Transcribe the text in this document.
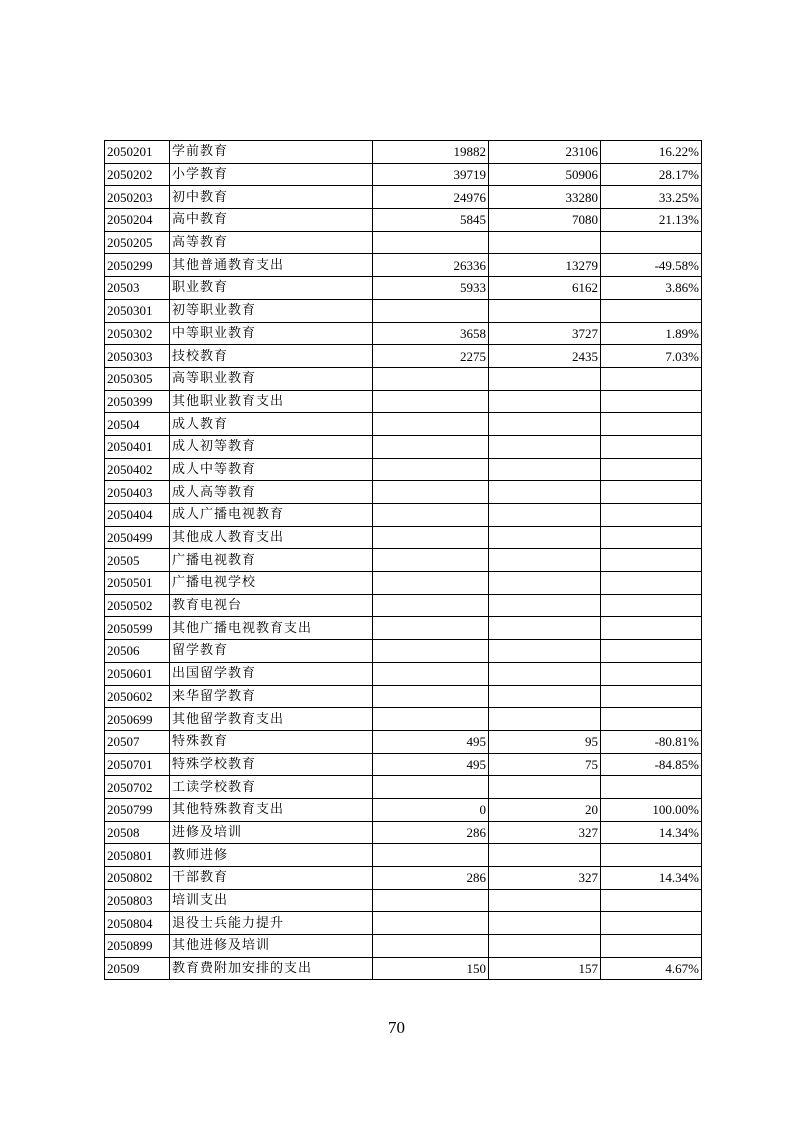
2050201	学前教育	19882	23106	16.22%
2050202	小学教育	39719	50906	28.17%
2050203	初中教育	24976	33280	33.25%
2050204	高中教育	5845	7080	21.13%
2050205	高等教育			
2050299	其他普通教育支出	26336	13279	-49.58%
20503	职业教育	5933	6162	3.86%
2050301	初等职业教育			
2050302	中等职业教育	3658	3727	1.89%
2050303	技校教育	2275	2435	7.03%
2050305	高等职业教育			
2050399	其他职业教育支出			
20504	成人教育			
2050401	成人初等教育			
2050402	成人中等教育			
2050403	成人高等教育			
2050404	成人广播电视教育			
2050499	其他成人教育支出			
20505	广播电视教育			
2050501	广播电视学校			
2050502	教育电视台			
2050599	其他广播电视教育支出			
20506	留学教育			
2050601	出国留学教育			
2050602	来华留学教育			
2050699	其他留学教育支出			
20507	特殊教育	495	95	-80.81%
2050701	特殊学校教育	495	75	-84.85%
2050702	工读学校教育			
2050799	其他特殊教育支出	0	20	100.00%
20508	进修及培训	286	327	14.34%
2050801	教师进修			
2050802	干部教育	286	327	14.34%
2050803	培训支出			
2050804	退役士兵能力提升			
2050899	其他进修及培训			
20509	教育费附加安排的支出	150	157	4.67%
70
